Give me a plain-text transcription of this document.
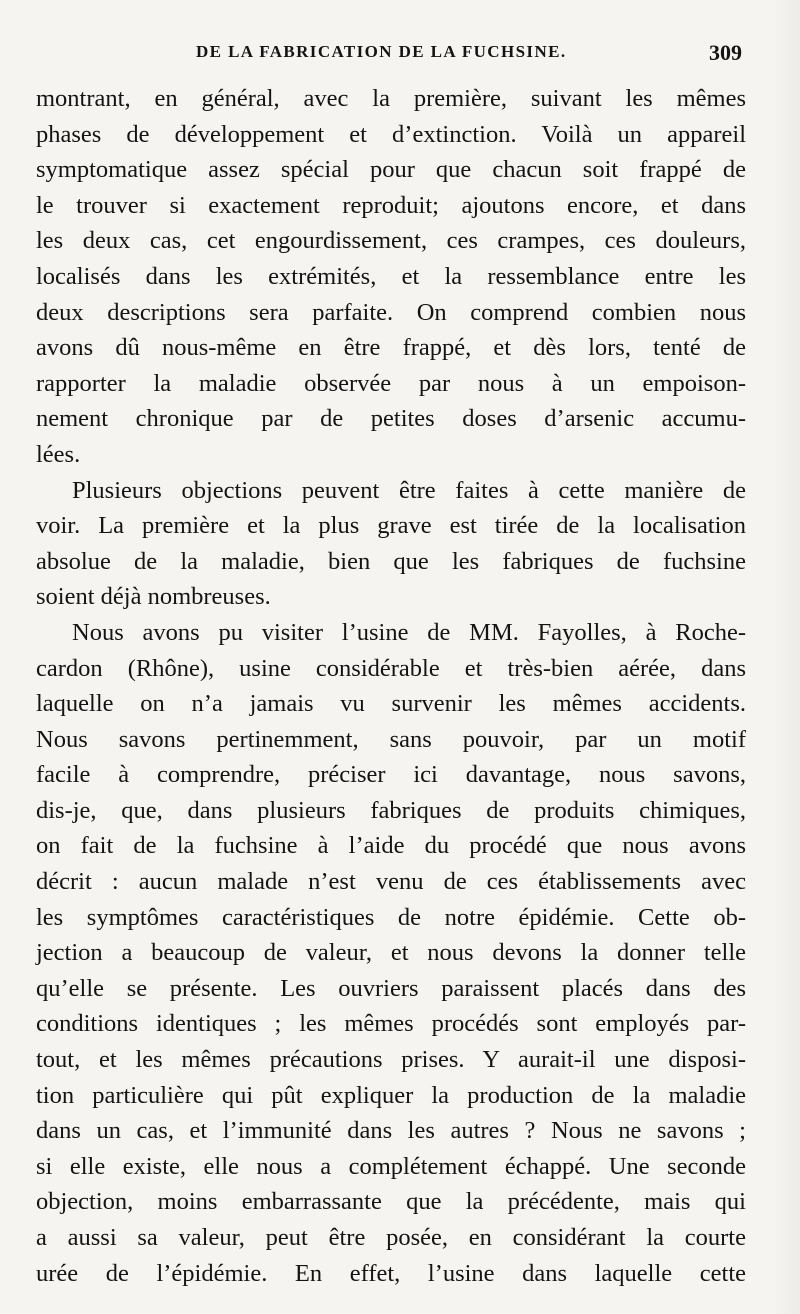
DE LA FABRICATION DE LA FUCHSINE.	309
montrant, en général, avec la première, suivant les mêmes
phases de développement et d’extinction. Voilà un appareil
symptomatique assez spécial pour que chacun soit frappé de
le trouver si exactement reproduit; ajoutons encore, et dans
les deux cas, cet engourdissement, ces crampes, ces douleurs,
localisés dans les extrémités, et la ressemblance entre les
deux descriptions sera parfaite. On comprend combien nous
avons dû nous-même en être frappé, et dès lors, tenté de
rapporter la maladie observée par nous à un empoison-
nement chronique par de petites doses d’arsenic accumu-
lées.
Plusieurs objections peuvent être faites à cette manière de
voir. La première et la plus grave est tirée de la localisation
absolue de la maladie, bien que les fabriques de fuchsine
soient déjà nombreuses.
Nous avons pu visiter l’usine de MM. Fayolles, à Roche-
cardon (Rhône), usine considérable et très-bien aérée, dans
laquelle on n’a jamais vu survenir les mêmes accidents.
Nous savons pertinemment, sans pouvoir, par un motif
facile à comprendre, préciser ici davantage, nous savons,
dis-je, que, dans plusieurs fabriques de produits chimiques,
on fait de la fuchsine à l’aide du procédé que nous avons
décrit : aucun malade n’est venu de ces établissements avec
les symptômes caractéristiques de notre épidémie. Cette ob-
jection a beaucoup de valeur, et nous devons la donner telle
qu’elle se présente. Les ouvriers paraissent placés dans des
conditions identiques ; les mêmes procédés sont employés par-
tout, et les mêmes précautions prises. Y aurait-il une disposi-
tion particulière qui pût expliquer la production de la maladie
dans un cas, et l’immunité dans les autres ? Nous ne savons ;
si elle existe, elle nous a complétement échappé. Une seconde
objection, moins embarrassante que la précédente, mais qui
a aussi sa valeur, peut être posée, en considérant la courte
urée de l’épidémie. En effet, l’usine dans laquelle cette
